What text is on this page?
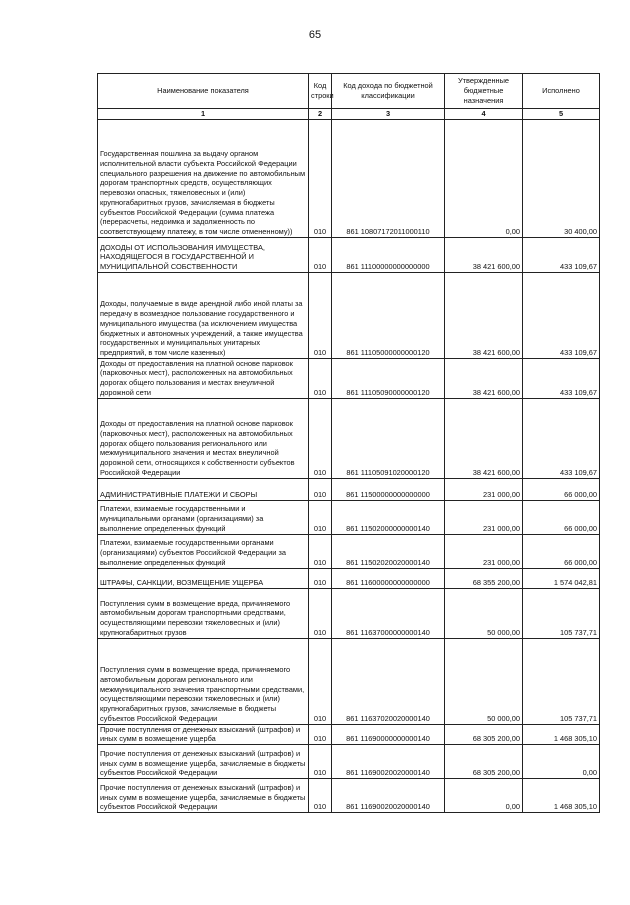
65
Наименование показателя	Код строки	Код дохода по бюджетной классификации	Утвержденные бюджетные назначения	Исполнено
1	2	3	4	5
Государственная пошлина за выдачу органом исполнительной власти субъекта Российской Федерации специального разрешения на движение по автомобильным дорогам транспортных средств, осуществляющих перевозки опасных, тяжеловесных и (или) крупногабаритных грузов, зачисляемая в бюджеты субъектов Российской Федерации (сумма платежа (перерасчеты, недоимка и задолженность по соответствующему платежу, в том числе отмененному))	010	861 10807172011000110	0,00	30 400,00
ДОХОДЫ ОТ ИСПОЛЬЗОВАНИЯ ИМУЩЕСТВА, НАХОДЯЩЕГОСЯ В ГОСУДАРСТВЕННОЙ И МУНИЦИПАЛЬНОЙ СОБСТВЕННОСТИ	010	861 11100000000000000	38 421 600,00	433 109,67
Доходы, получаемые в виде арендной либо иной платы за передачу в возмездное пользование государственного и муниципального имущества (за исключением имущества бюджетных и автономных учреждений, а также имущества государственных и муниципальных унитарных предприятий, в том числе казенных)	010	861 11105000000000120	38 421 600,00	433 109,67
Доходы от предоставления на платной основе парковок (парковочных мест), расположенных на автомобильных дорогах общего пользования и местах внеуличной дорожной сети	010	861 11105090000000120	38 421 600,00	433 109,67
Доходы от предоставления на платной основе парковок (парковочных мест), расположенных на автомобильных дорогах общего пользования регионального или межмуниципального значения и местах внеуличной дорожной сети, относящихся к собственности субъектов Российской Федерации	010	861 11105091020000120	38 421 600,00	433 109,67
АДМИНИСТРАТИВНЫЕ ПЛАТЕЖИ И СБОРЫ	010	861 11500000000000000	231 000,00	66 000,00
Платежи, взимаемые государственными и муниципальными органами (организациями) за выполнение определенных функций	010	861 11502000000000140	231 000,00	66 000,00
Платежи, взимаемые государственными органами (организациями) субъектов Российской Федерации за выполнение определенных функций	010	861 11502020020000140	231 000,00	66 000,00
ШТРАФЫ, САНКЦИИ, ВОЗМЕЩЕНИЕ УЩЕРБА	010	861 11600000000000000	68 355 200,00	1 574 042,81
Поступления сумм в возмещение вреда, причиняемого автомобильным дорогам транспортными средствами, осуществляющими перевозки тяжеловесных и (или) крупногабаритных грузов	010	861 11637000000000140	50 000,00	105 737,71
Поступления сумм в возмещение вреда, причиняемого автомобильным дорогам регионального или межмуниципального значения транспортными средствами, осуществляющими перевозки тяжеловесных и (или) крупногабаритных грузов, зачисляемые в бюджеты субъектов Российской Федерации	010	861 11637020020000140	50 000,00	105 737,71
Прочие поступления от денежных взысканий (штрафов) и иных сумм в возмещение ущерба	010	861 11690000000000140	68 305 200,00	1 468 305,10
Прочие поступления от денежных взысканий (штрафов) и иных сумм в возмещение ущерба, зачисляемые в бюджеты субъектов Российской Федерации	010	861 11690020020000140	68 305 200,00	0,00
Прочие поступления от денежных взысканий (штрафов) и иных сумм в возмещение ущерба, зачисляемые в бюджеты субъектов Российской Федерации	010	861 11690020020000140	0,00	1 468 305,10
